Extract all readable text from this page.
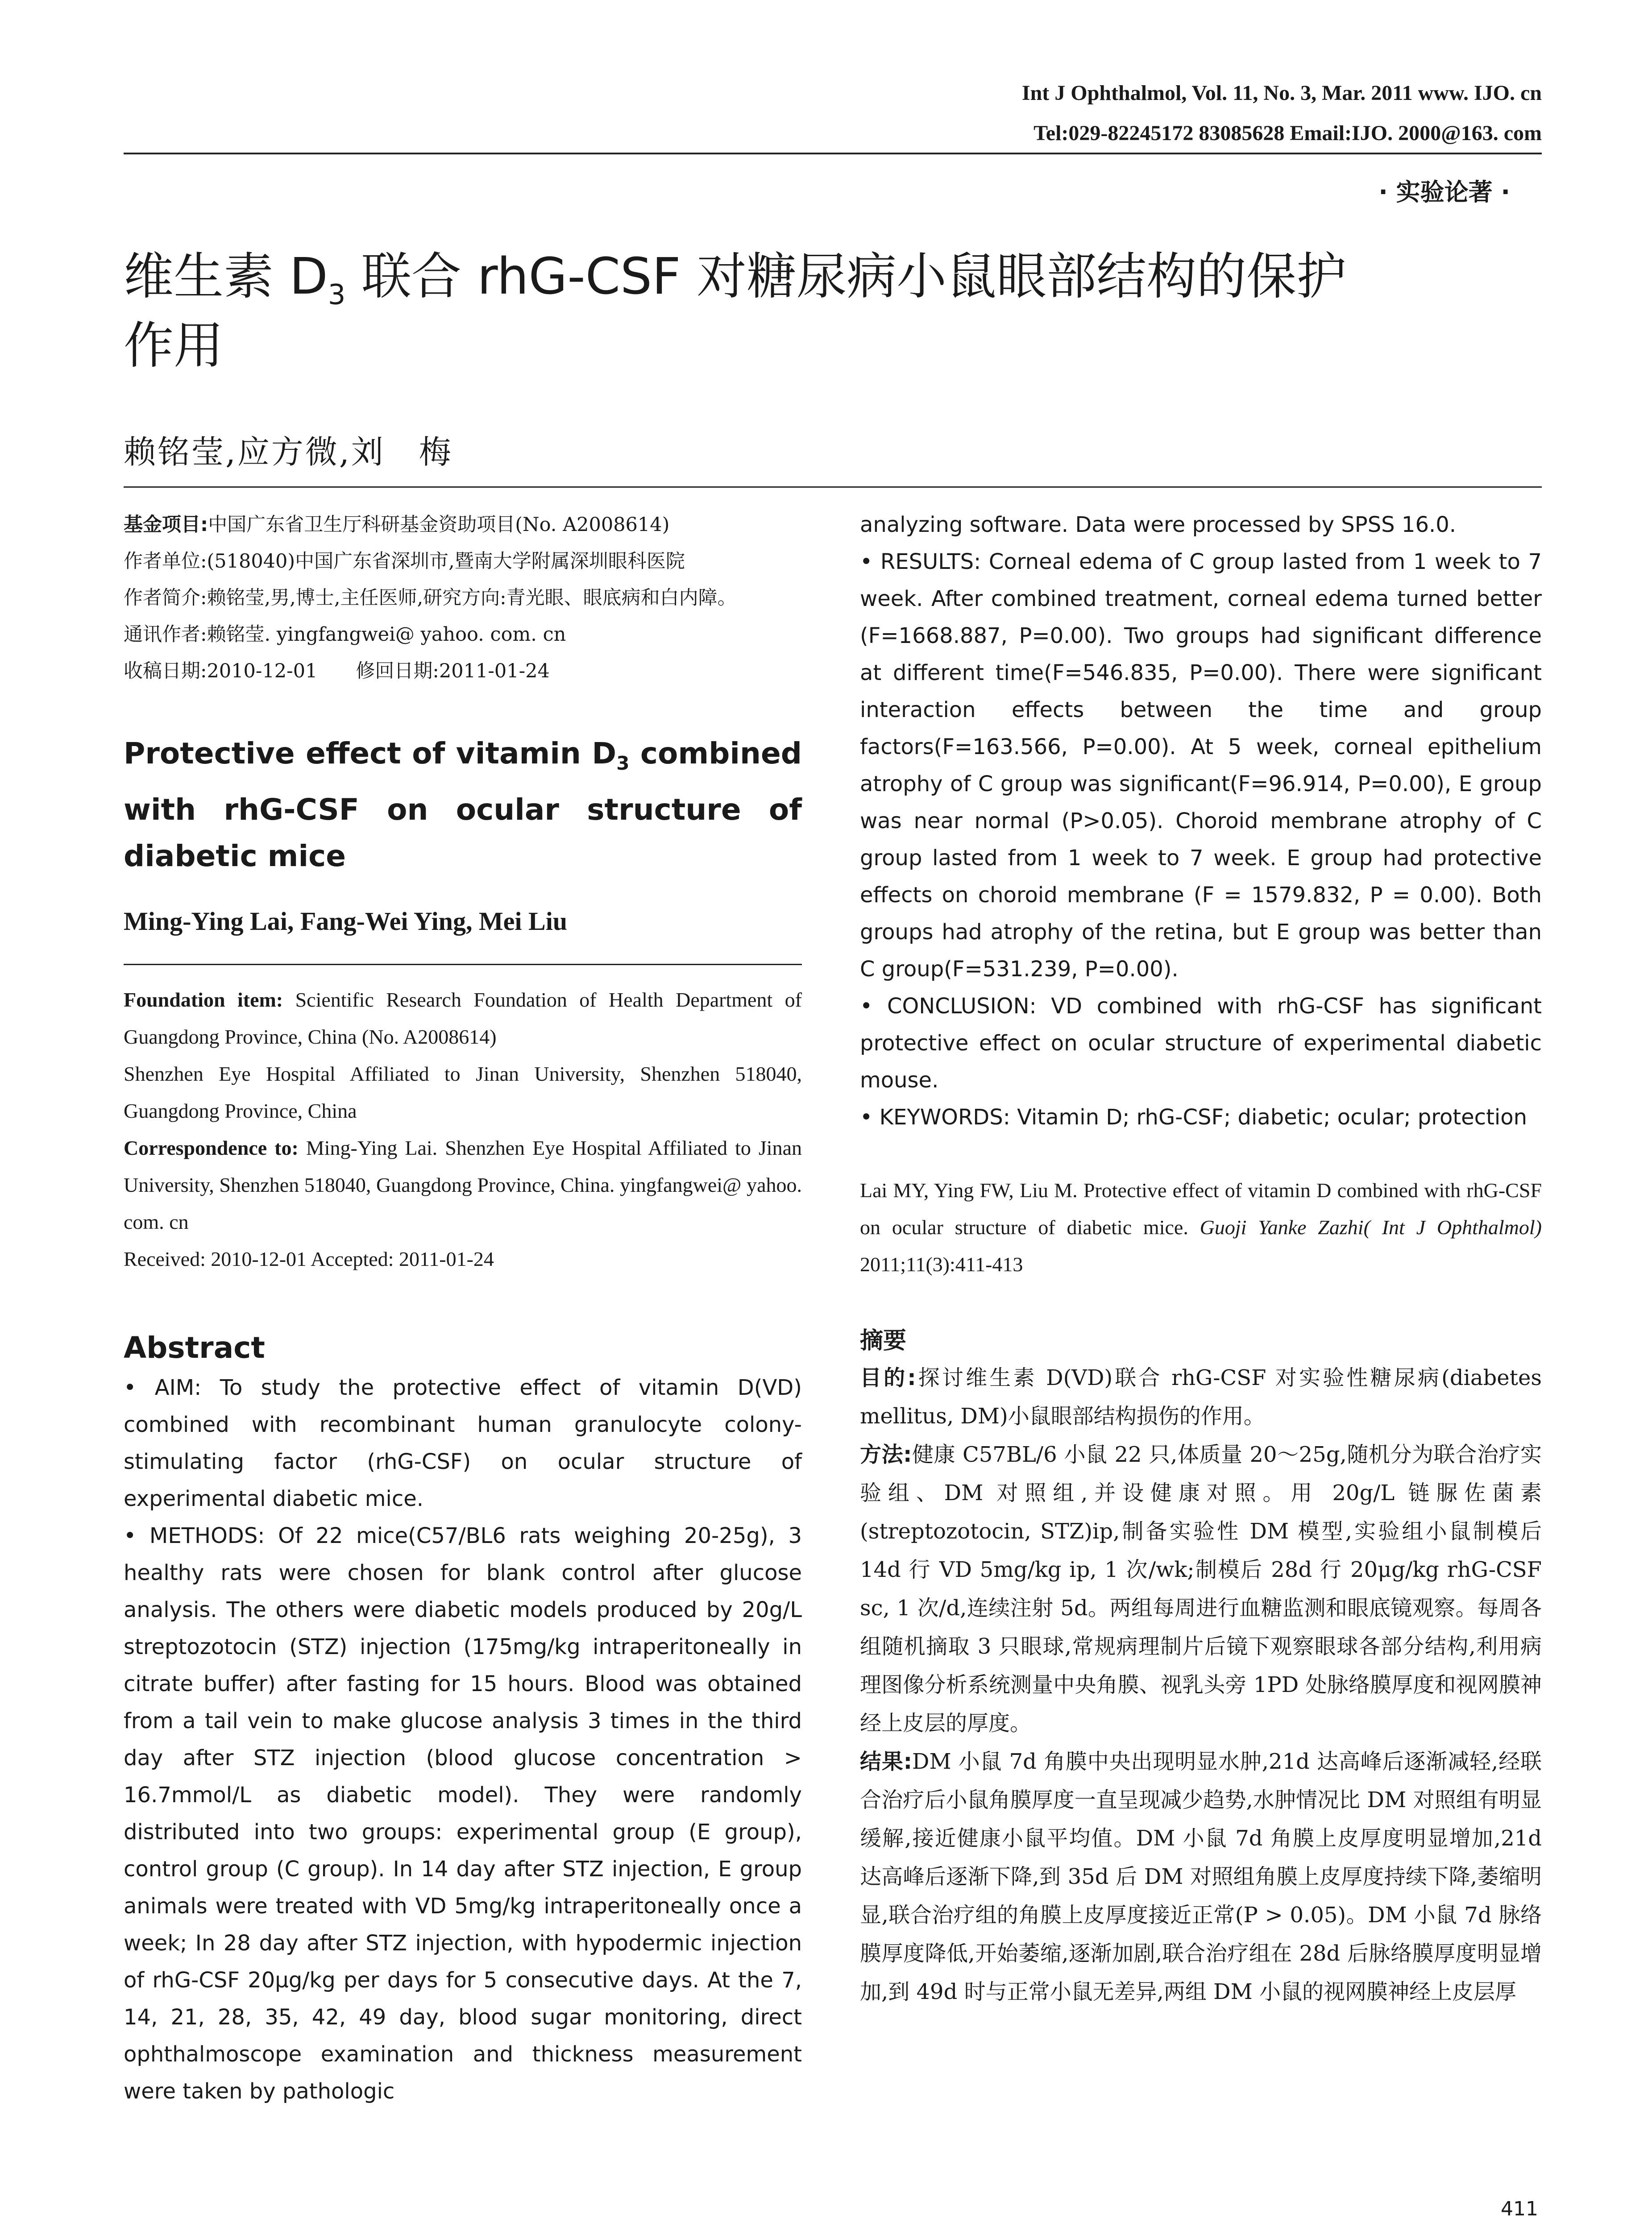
Int J Ophthalmol, Vol. 11, No. 3, Mar. 2011 www. IJO. cn
Tel:029-82245172 83085628 Email:IJO. 2000@163. com
· 实验论著 ·
维生素 $D_3$ 联合 rhG-CSF 对糖尿病小鼠眼部结构的保护
作用
赖铭莹,应方微,刘　梅

基金项目:中国广东省卫生厅科研基金资助项目(No. A2008614)

作者单位:(518040)中国广东省深圳市,暨南大学附属深圳眼科医院

作者简介:赖铭莹,男,博士,主任医师,研究方向:青光眼、眼底病和白内障。

通讯作者:赖铭莹. yingfangwei@ yahoo. com. cn

收稿日期:2010-12-01　　修回日期:2011-01-24

Protective effect of vitamin $D_3$ combined with rhG-CSF on ocular structure of diabetic mice
Ming-Ying Lai, Fang-Wei Ying, Mei Liu

Foundation item: Scientific Research Foundation of Health Department of Guangdong Province, China (No. A2008614)

Shenzhen Eye Hospital Affiliated to Jinan University, Shenzhen 518040, Guangdong Province, China

Correspondence to: Ming-Ying Lai. Shenzhen Eye Hospital Affiliated to Jinan University, Shenzhen 518040, Guangdong Province, China. yingfangwei@ yahoo. com. cn

Received: 2010-12-01 Accepted: 2011-01-24

Abstract

• AIM: To study the protective effect of vitamin D(VD) combined with recombinant human granulocyte colony-stimulating factor (rhG-CSF) on ocular structure of experimental diabetic mice.

• METHODS: Of 22 mice(C57/BL6 rats weighing 20-25g), 3 healthy rats were chosen for blank control after glucose analysis. The others were diabetic models produced by 20g/L streptozotocin (STZ) injection (175mg/kg intraperitoneally in citrate buffer) after fasting for 15 hours. Blood was obtained from a tail vein to make glucose analysis 3 times in the third day after STZ injection (blood glucose concentration > 16.7mmol/L as diabetic model). They were randomly distributed into two groups: experimental group (E group), control group (C group). In 14 day after STZ injection, E group animals were treated with VD 5mg/kg intraperitoneally once a week; In 28 day after STZ injection, with hypodermic injection of rhG-CSF 20μg/kg per days for 5 consecutive days. At the 7, 14, 21, 28, 35, 42, 49 day, blood sugar monitoring, direct ophthalmoscope examination and thickness measurement were taken by pathologic

analyzing software. Data were processed by SPSS 16.0.

• RESULTS: Corneal edema of C group lasted from 1 week to 7 week. After combined treatment, corneal edema turned better (F=1668.887, P=0.00). Two groups had significant difference at different time(F=546.835, P=0.00). There were significant interaction effects between the time and group factors(F=163.566, P=0.00). At 5 week, corneal epithelium atrophy of C group was significant(F=96.914, P=0.00), E group was near normal (P>0.05). Choroid membrane atrophy of C group lasted from 1 week to 7 week. E group had protective effects on choroid membrane (F = 1579.832, P = 0.00). Both groups had atrophy of the retina, but E group was better than C group(F=531.239, P=0.00).

• CONCLUSION: VD combined with rhG-CSF has significant protective effect on ocular structure of experimental diabetic mouse.

• KEYWORDS: Vitamin D; rhG-CSF; diabetic; ocular; protection

Lai MY, Ying FW, Liu M. Protective effect of vitamin D combined with rhG-CSF on ocular structure of diabetic mice. Guoji Yanke Zazhi( Int J Ophthalmol) 2011;11(3):411-413
摘要

目的:探讨维生素 D(VD)联合 rhG-CSF 对实验性糖尿病(diabetes mellitus, DM)小鼠眼部结构损伤的作用。

方法:健康 C57BL/6 小鼠 22 只,体质量 20～25g,随机分为联合治疗实验组、DM 对照组,并设健康对照。用 20g/L 链脲佐菌素(streptozotocin, STZ)ip,制备实验性 DM 模型,实验组小鼠制模后 14d 行 VD 5mg/kg ip, 1 次/wk;制模后 28d 行 20μg/kg rhG-CSF sc, 1 次/d,连续注射 5d。两组每周进行血糖监测和眼底镜观察。每周各组随机摘取 3 只眼球,常规病理制片后镜下观察眼球各部分结构,利用病理图像分析系统测量中央角膜、视乳头旁 1PD 处脉络膜厚度和视网膜神经上皮层的厚度。

结果:DM 小鼠 7d 角膜中央出现明显水肿,21d 达高峰后逐渐减轻,经联合治疗后小鼠角膜厚度一直呈现减少趋势,水肿情况比 DM 对照组有明显缓解,接近健康小鼠平均值。DM 小鼠 7d 角膜上皮厚度明显增加,21d 达高峰后逐渐下降,到 35d 后 DM 对照组角膜上皮厚度持续下降,萎缩明显,联合治疗组的角膜上皮厚度接近正常(P > 0.05)。DM 小鼠 7d 脉络膜厚度降低,开始萎缩,逐渐加剧,联合治疗组在 28d 后脉络膜厚度明显增加,到 49d 时与正常小鼠无差异,两组 DM 小鼠的视网膜神经上皮层厚

411
